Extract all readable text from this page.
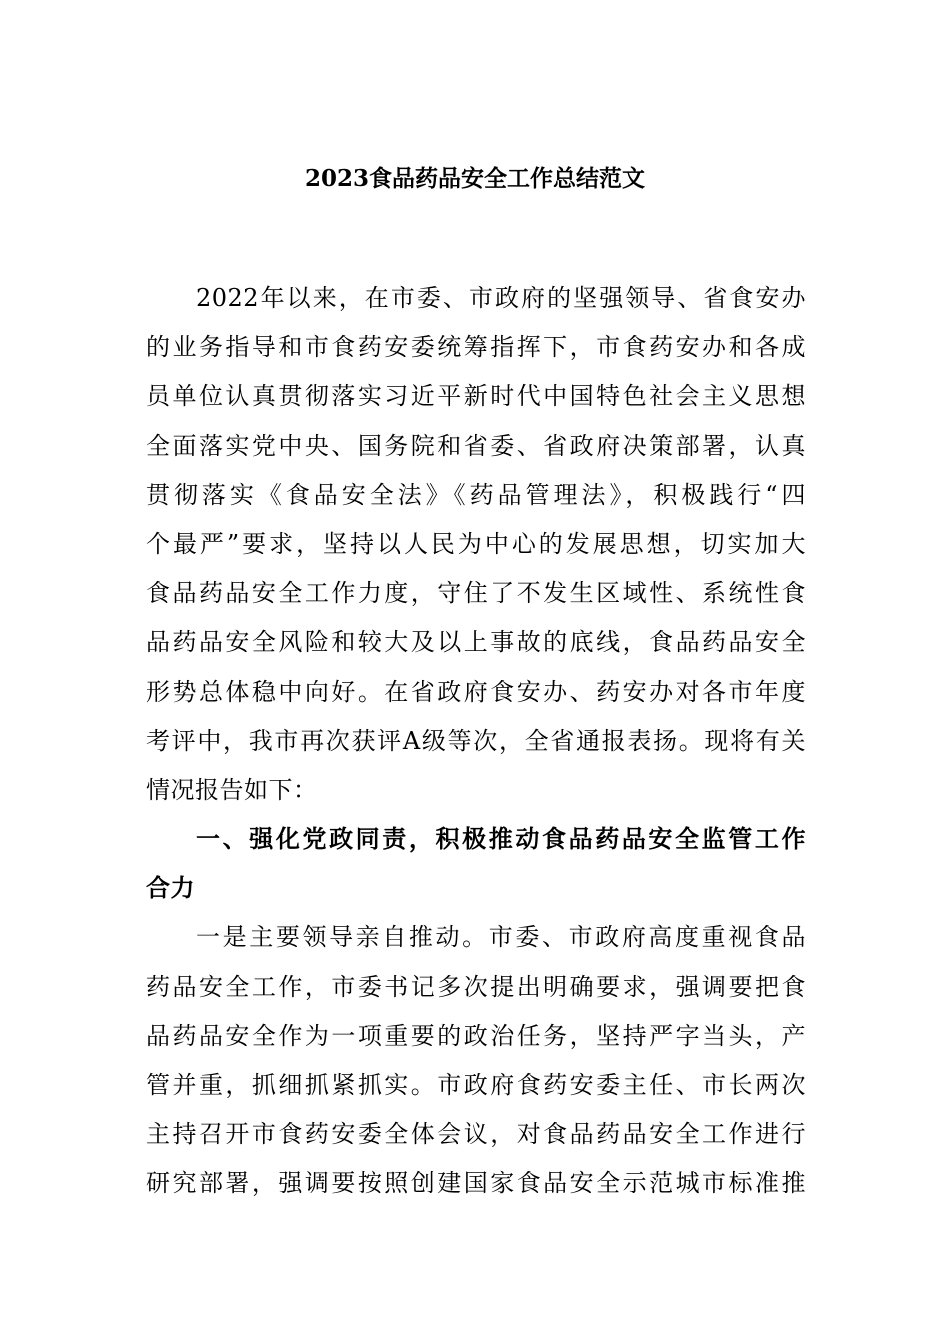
2023食品药品安全工作总结范文
2022年以来，在市委、市政府的坚强领导、省食安办
的业务指导和市食药安委统筹指挥下，市食药安办和各成
员单位认真贯彻落实习近平新时代中国特色社会主义思想
全面落实党中央、国务院和省委、省政府决策部署，认真
贯彻落实《食品安全法》《药品管理法》，积极践行“四
个最严”要求，坚持以人民为中心的发展思想，切实加大
食品药品安全工作力度，守住了不发生区域性、系统性食
品药品安全风险和较大及以上事故的底线，食品药品安全
形势总体稳中向好。在省政府食安办、药安办对各市年度
考评中，我市再次获评A级等次，全省通报表扬。现将有关
情况报告如下：
一、强化党政同责，积极推动食品药品安全监管工作
合力
一是主要领导亲自推动。市委、市政府高度重视食品
药品安全工作，市委书记多次提出明确要求，强调要把食
品药品安全作为一项重要的政治任务，坚持严字当头，产
管并重，抓细抓紧抓实。市政府食药安委主任、市长两次
主持召开市食药安委全体会议，对食品药品安全工作进行
研究部署，强调要按照创建国家食品安全示范城市标准推
